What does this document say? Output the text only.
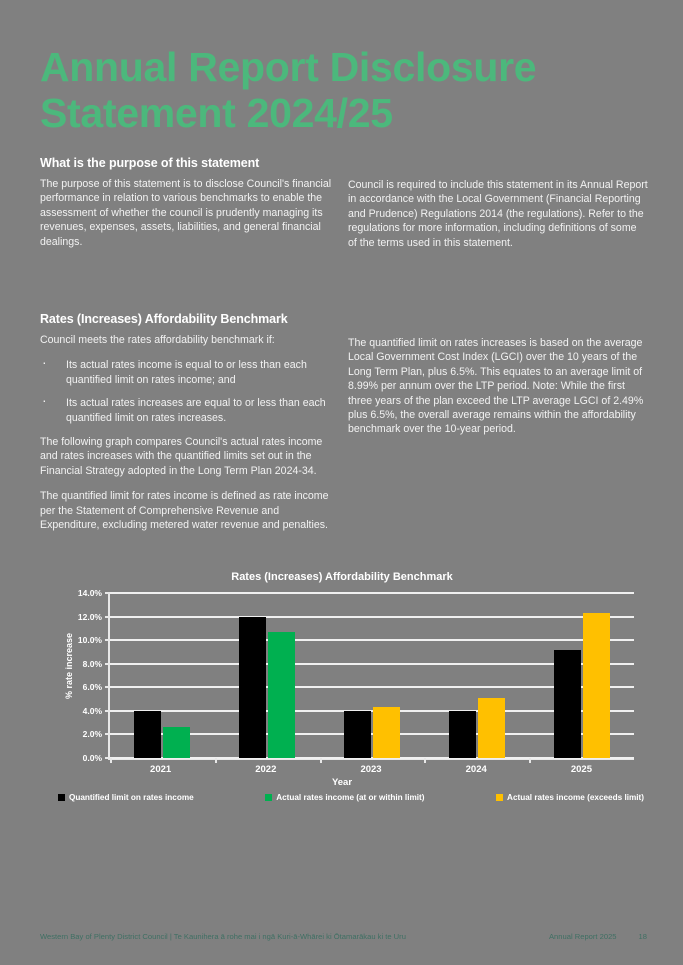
Annual Report Disclosure Statement 2024/25
What is the purpose of this statement

The purpose of this statement is to disclose Council's financial performance in relation to various benchmarks to enable the assessment of whether the council is prudently managing its revenues, expenses, assets, liabilities, and general financial dealings.

Council is required to include this statement in its Annual Report in accordance with the Local Government (Financial Reporting and Prudence) Regulations 2014 (the regulations). Refer to the regulations for more information, including definitions of some of the terms used in this statement.

Rates (Increases) Affordability Benchmark

Council meets the rates affordability benchmark if:

· Its actual rates income is equal to or less than each quantified limit on rates income; and
· Its actual rates increases are equal to or less than each quantified limit on rates increases.

The following graph compares Council's actual rates income and rates increases with the quantified limits set out in the Financial Strategy adopted in the Long Term Plan 2024-34.

The quantified limit for rates income is defined as rate income per the Statement of Comprehensive Revenue and Expenditure, excluding metered water revenue and penalties.

The quantified limit on rates increases is based on the average Local Government Cost Index (LGCI) over the 10 years of the Long Term Plan, plus 6.5%. This equates to an average limit of 8.99% per annum over the LTP period. Note: While the first three years of the plan exceed the LTP average LGCI of 2.49% plus 6.5%, the overall average remains within the affordability benchmark over the 10-year period.

Rates (Increases) Affordability Benchmark
% rate increase
0.0%
2.0%
4.0%
6.0%
8.0%
10.0%
12.0%
14.0%
2021	2022	2023	2024	2025
Year
Quantified limit on rates income	Actual rates income (at or within limit)	Actual rates income (exceeds limit)
Western Bay of Plenty District Council | Te Kaunihera ā rohe mai i ngā Kuri-ā-Whārei ki Ōtamarākau ki te Uru	Annual Report 2025	18
